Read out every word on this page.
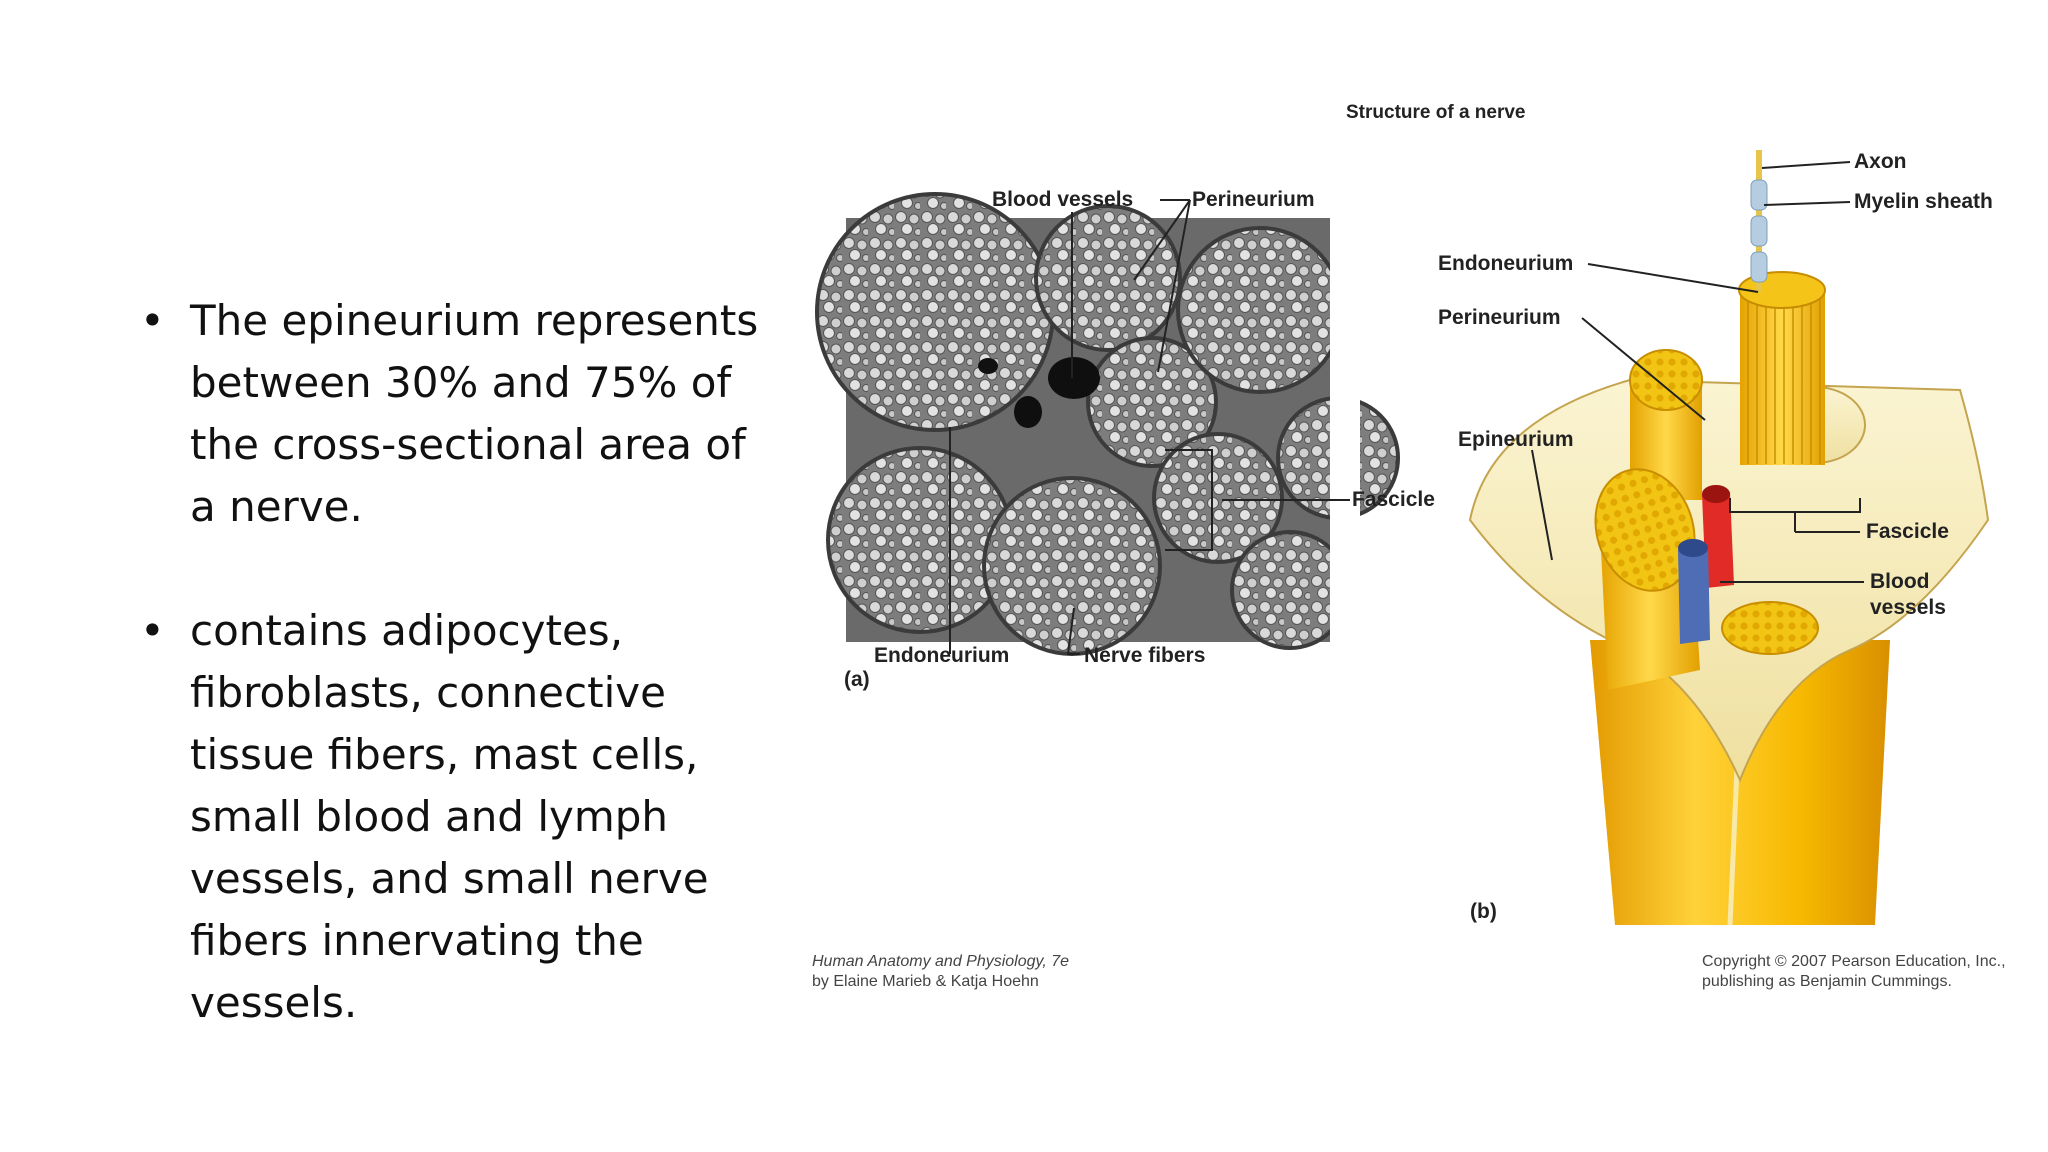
• The epineurium represents between 30% and 75% of the cross-sectional area of a nerve.
• contains adipocytes, fibroblasts, connective tissue fibers, mast cells, small blood and lymph vessels, and small nerve fibers innervating the vessels.
Structure of a nerve
Blood vessels	Perineurium
Fascicle
Endoneurium	Nerve fibers
(a)
Axon
Myelin sheath
Endoneurium
Perineurium
Epineurium
Fascicle
Blood
vessels
(b)
Human Anatomy and Physiology, 7e
by Elaine Marieb & Katja Hoehn
Copyright © 2007 Pearson Education, Inc.,
publishing as Benjamin Cummings.
